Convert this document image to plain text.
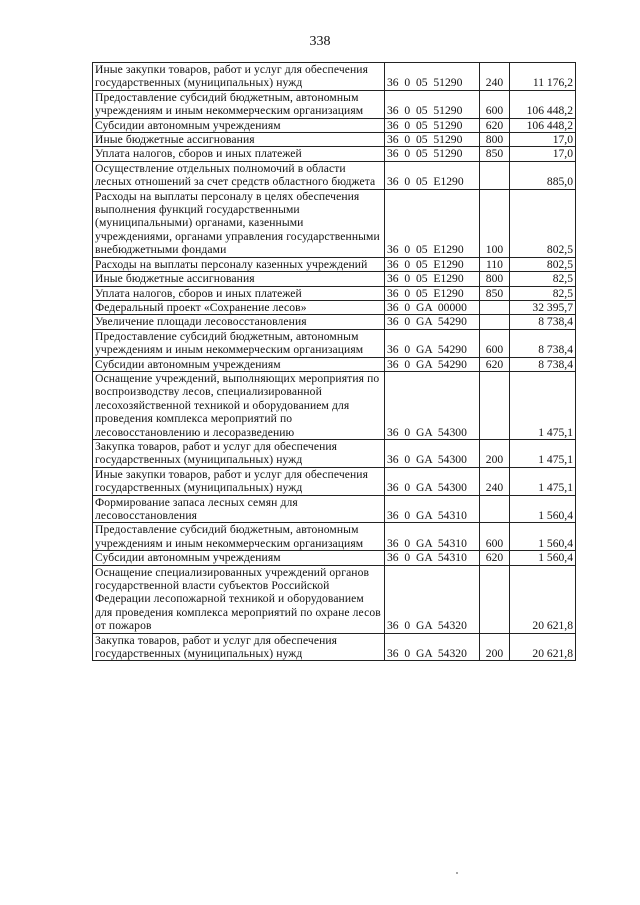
338
Иные закупки товаров, работ и услуг для обеспечения государственных (муниципальных) нужд	36  0  05  51290	240	11 176,2
Предоставление субсидий бюджетным, автономным учреждениям и иным некоммерческим организациям	36  0  05  51290	600	106 448,2
Субсидии автономным учреждениям	36  0  05  51290	620	106 448,2
Иные бюджетные ассигнования	36  0  05  51290	800	17,0
Уплата налогов, сборов и иных платежей	36  0  05  51290	850	17,0
Осуществление отдельных полномочий в области лесных отношений за счет средств областного бюджета	36  0  05  E1290		885,0
Расходы на выплаты персоналу в целях обеспечения выполнения функций государственными (муниципальными) органами, казенными учреждениями, органами управления государственными внебюджетными фондами	36  0  05  E1290	100	802,5
Расходы на выплаты персоналу казенных учреждений	36  0  05  E1290	110	802,5
Иные бюджетные ассигнования	36  0  05  E1290	800	82,5
Уплата налогов, сборов и иных платежей	36  0  05  E1290	850	82,5
Федеральный проект «Сохранение лесов»	36  0  GA  00000		32 395,7
Увеличение площади лесовосстановления	36  0  GA  54290		8 738,4
Предоставление субсидий бюджетным, автономным учреждениям и иным некоммерческим организациям	36  0  GA  54290	600	8 738,4
Субсидии автономным учреждениям	36  0  GA  54290	620	8 738,4
Оснащение учреждений, выполняющих мероприятия по воспроизводству лесов, специализированной лесохозяйственной техникой и оборудованием для проведения комплекса мероприятий по лесовосстановлению и лесоразведению	36  0  GA  54300		1 475,1
Закупка товаров, работ и услуг для обеспечения государственных (муниципальных) нужд	36  0  GA  54300	200	1 475,1
Иные закупки товаров, работ и услуг для обеспечения государственных (муниципальных) нужд	36  0  GA  54300	240	1 475,1
Формирование запаса лесных семян для лесовосстановления	36  0  GA  54310		1 560,4
Предоставление субсидий бюджетным, автономным учреждениям и иным некоммерческим организациям	36  0  GA  54310	600	1 560,4
Субсидии автономным учреждениям	36  0  GA  54310	620	1 560,4
Оснащение специализированных учреждений органов государственной власти субъектов Российской Федерации лесопожарной техникой и оборудованием для проведения комплекса мероприятий по охране лесов от пожаров	36  0  GA  54320		20 621,8
Закупка товаров, работ и услуг для обеспечения государственных (муниципальных) нужд	36  0  GA  54320	200	20 621,8
